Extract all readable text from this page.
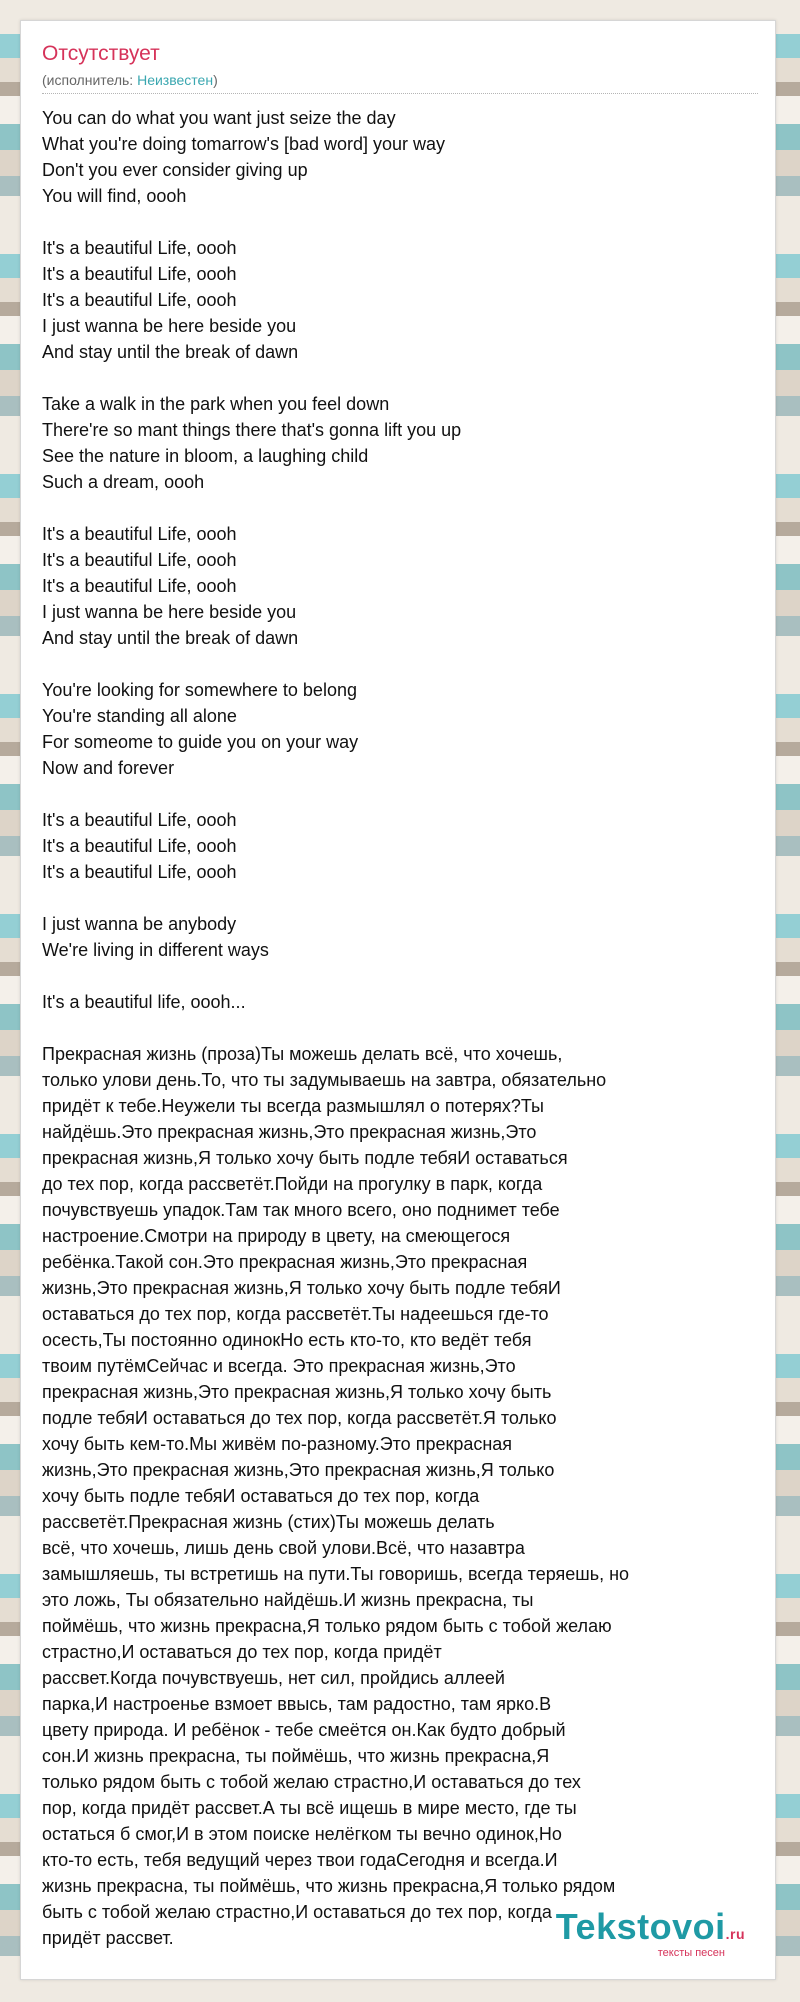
Отсутствует
(исполнитель: Неизвестен)
You can do what you want just seize the day
What you're doing tomarrow's [bad word] your way
Don't you ever consider giving up
You will find, oooh
It's a beautiful Life, oooh
It's a beautiful Life, oooh
It's a beautiful Life, oooh
I just wanna be here beside you
And stay until the break of dawn
Take a walk in the park when you feel down
There're so mant things there that's gonna lift you up
See the nature in bloom, a laughing child
Such a dream, oooh
It's a beautiful Life, oooh
It's a beautiful Life, oooh
It's a beautiful Life, oooh
I just wanna be here beside you
And stay until the break of dawn
You're looking for somewhere to belong
You're standing all alone
For someome to guide you on your way
Now and forever
It's a beautiful Life, oooh
It's a beautiful Life, oooh
It's a beautiful Life, oooh
I just wanna be anybody
We're living in different ways
It's a beautiful life, oooh...
Прекрасная жизнь (проза)Ты можешь делать всё, что хочешь,
только улови день.То, что ты задумываешь на завтра, обязательно
придёт к тебе.Неужели ты всегда размышлял о потерях?Ты
найдёшь.Это прекрасная жизнь,Это прекрасная жизнь,Это
прекрасная жизнь,Я только хочу быть подле тебяИ оставаться
до тех пор, когда рассветёт.Пойди на прогулку в парк, когда
почувствуешь упадок.Там так много всего, оно поднимет тебе
настроение.Смотри на природу в цвету, на смеющегося
ребёнка.Такой сон.Это прекрасная жизнь,Это прекрасная
жизнь,Это прекрасная жизнь,Я только хочу быть подле тебяИ
оставаться до тех пор, когда рассветёт.Ты надеешься где-то
осесть,Ты постоянно одинокНо есть кто-то, кто ведёт тебя
твоим путёмСейчас и всегда. Это прекрасная жизнь,Это
прекрасная жизнь,Это прекрасная жизнь,Я только хочу быть
подле тебяИ оставаться до тех пор, когда рассветёт.Я только
хочу быть кем-то.Мы живём по-разному.Это прекрасная
жизнь,Это прекрасная жизнь,Это прекрасная жизнь,Я только
хочу быть подле тебяИ оставаться до тех пор, когда
рассветёт.Прекрасная жизнь (стих)Ты можешь делать
всё, что хочешь, лишь день свой улови.Всё, что назавтра
замышляешь, ты встретишь на пути.Ты говоришь, всегда теряешь, но
это ложь, Ты обязательно найдёшь.И жизнь прекрасна, ты
поймёшь, что жизнь прекрасна,Я только рядом быть с тобой желаю
страстно,И оставаться до тех пор, когда придёт
рассвет.Когда почувствуешь, нет сил, пройдись аллеей
парка,И настроенье взмоет ввысь, там радостно, там ярко.В
цвету природа. И ребёнок - тебе смеётся он.Как будто добрый
сон.И жизнь прекрасна, ты поймёшь, что жизнь прекрасна,Я
только рядом быть с тобой желаю страстно,И оставаться до тех
пор, когда придёт рассвет.А ты всё ищешь в мире место, где ты
остаться б смог,И в этом поиске нелёгком ты вечно одинок,Но
кто-то есть, тебя ведущий через твои годаСегодня и всегда.И
жизнь прекрасна, ты поймёшь, что жизнь прекрасна,Я только рядом
быть с тобой желаю страстно,И оставаться до тех пор, когда
придёт рассвет.	Tekstovoi.ru
тексты песен
